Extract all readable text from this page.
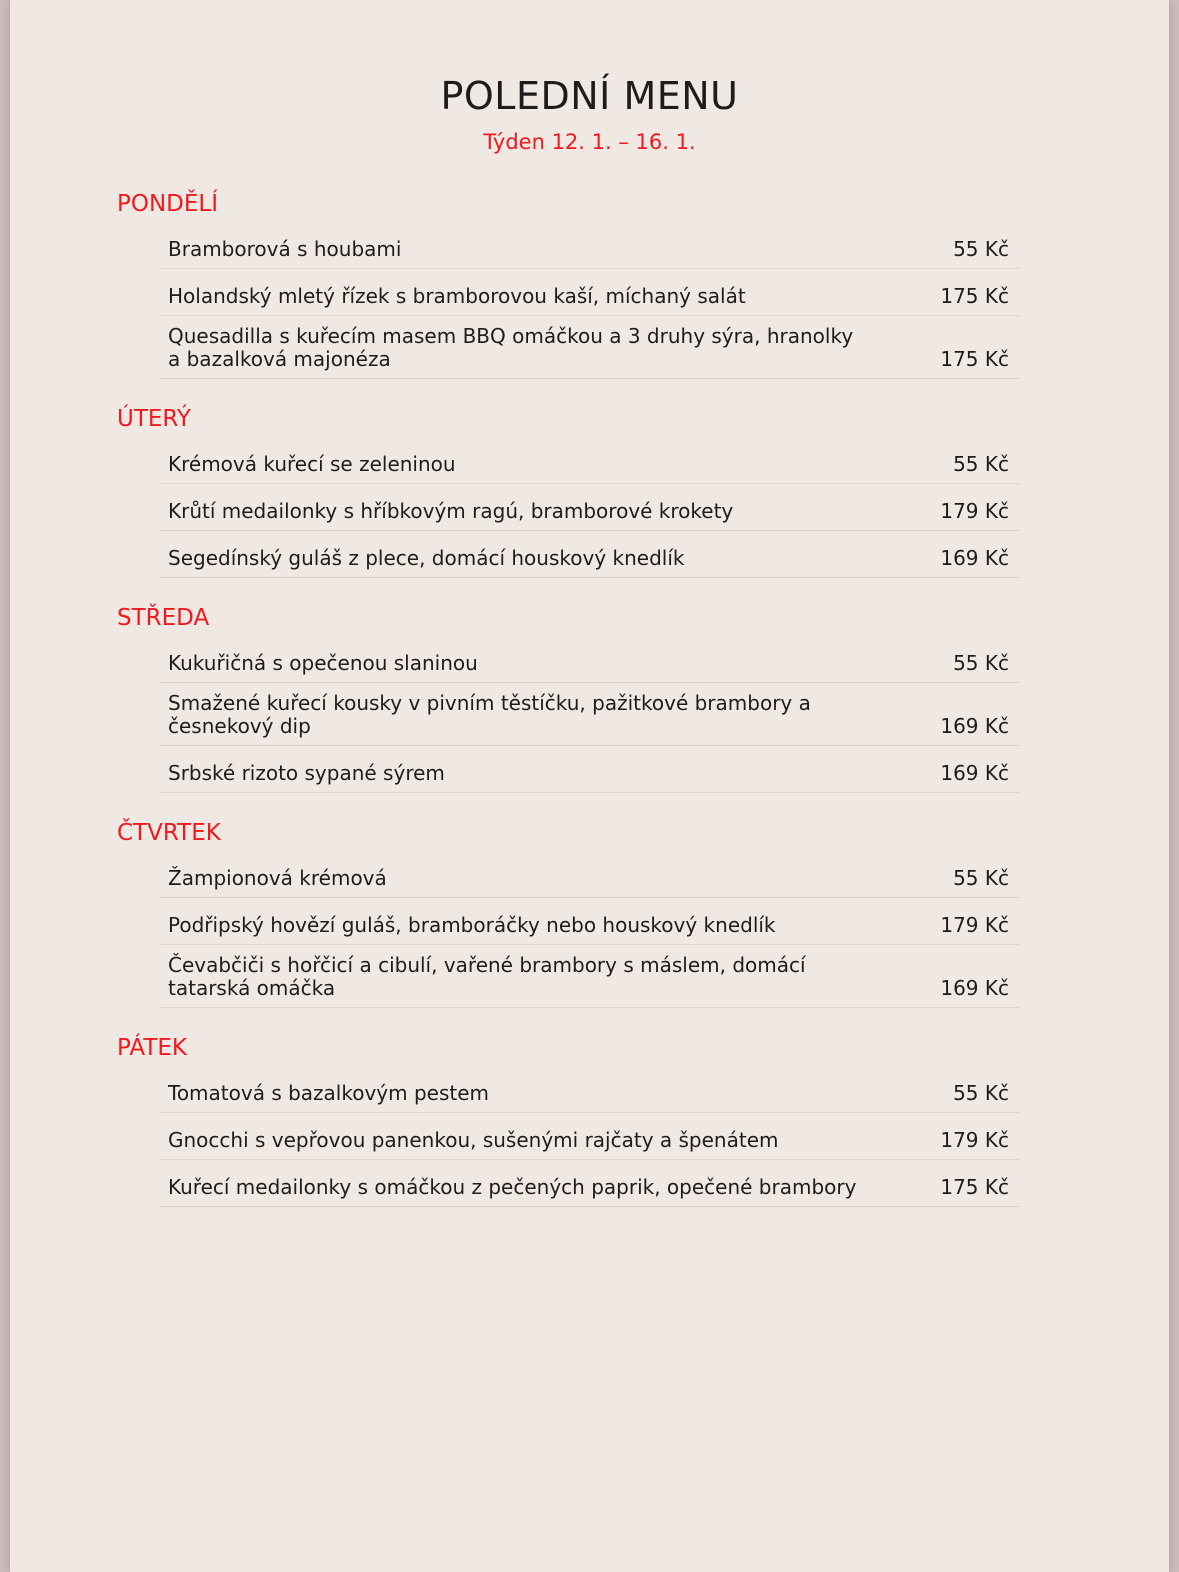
POLEDNÍ MENU
Týden 12. 1. – 16. 1.
PONDĚLÍ
Bramborová s houbami	55 Kč
Holandský mletý řízek s bramborovou kaší, míchaný salát	175 Kč
Quesadilla s kuřecím masem BBQ omáčkou a 3 druhy sýra, hranolky a bazalková majonéza	175 Kč
ÚTERÝ
Krémová kuřecí se zeleninou	55 Kč
Krůtí medailonky s hříbkovým ragú, bramborové krokety	179 Kč
Segedínský guláš z plece, domácí houskový knedlík	169 Kč
STŘEDA
Kukuřičná s opečenou slaninou	55 Kč
Smažené kuřecí kousky v pivním těstíčku, pažitkové brambory a česnekový dip	169 Kč
Srbské rizoto sypané sýrem	169 Kč
ČTVRTEK
Žampionová krémová	55 Kč
Podřipský hovězí guláš, bramboráčky nebo houskový knedlík	179 Kč
Čevabčiči s hořčicí a cibulí, vařené brambory s máslem, domácí tatarská omáčka	169 Kč
PÁTEK
Tomatová s bazalkovým pestem	55 Kč
Gnocchi s vepřovou panenkou, sušenými rajčaty a špenátem	179 Kč
Kuřecí medailonky s omáčkou z pečených paprik, opečené brambory	175 Kč
